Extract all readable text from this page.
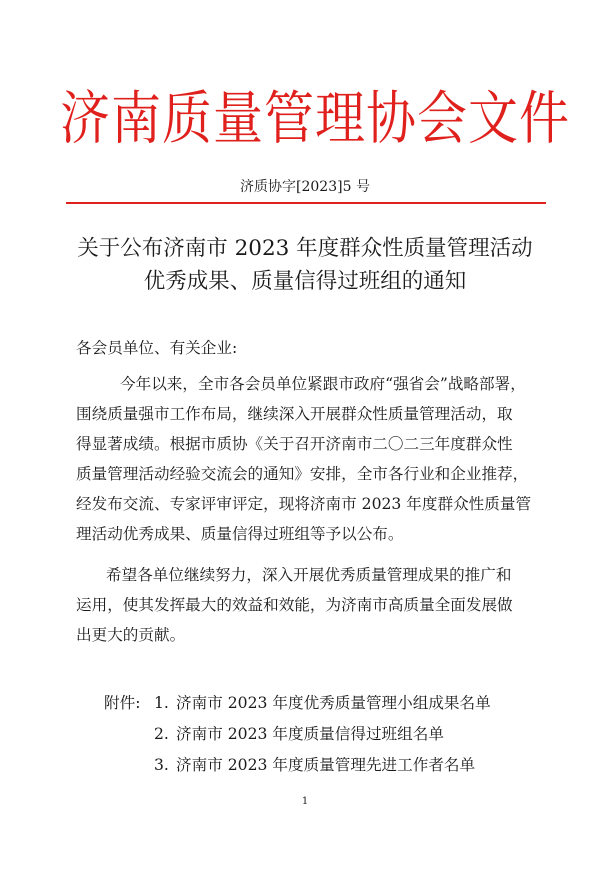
济南质量管理协会文件
济质协字[2023]5 号
关于公布济南市 2023 年度群众性质量管理活动
优秀成果、质量信得过班组的通知
各会员单位、有关企业:
今年以来，全市各会员单位紧跟市政府“强省会”战略部署，
围绕质量强市工作布局，继续深入开展群众性质量管理活动，取
得显著成绩。根据市质协《关于召开济南市二〇二三年度群众性
质量管理活动经验交流会的通知》安排，全市各行业和企业推荐，
经发布交流、专家评审评定，现将济南市 2023 年度群众性质量管
理活动优秀成果、质量信得过班组等予以公布。
希望各单位继续努力，深入开展优秀质量管理成果的推广和
运用，使其发挥最大的效益和效能，为济南市高质量全面发展做
出更大的贡献。
附件: 1. 济南市 2023 年度优秀质量管理小组成果名单
2. 济南市 2023 年度质量信得过班组名单
3. 济南市 2023 年度质量管理先进工作者名单
1
